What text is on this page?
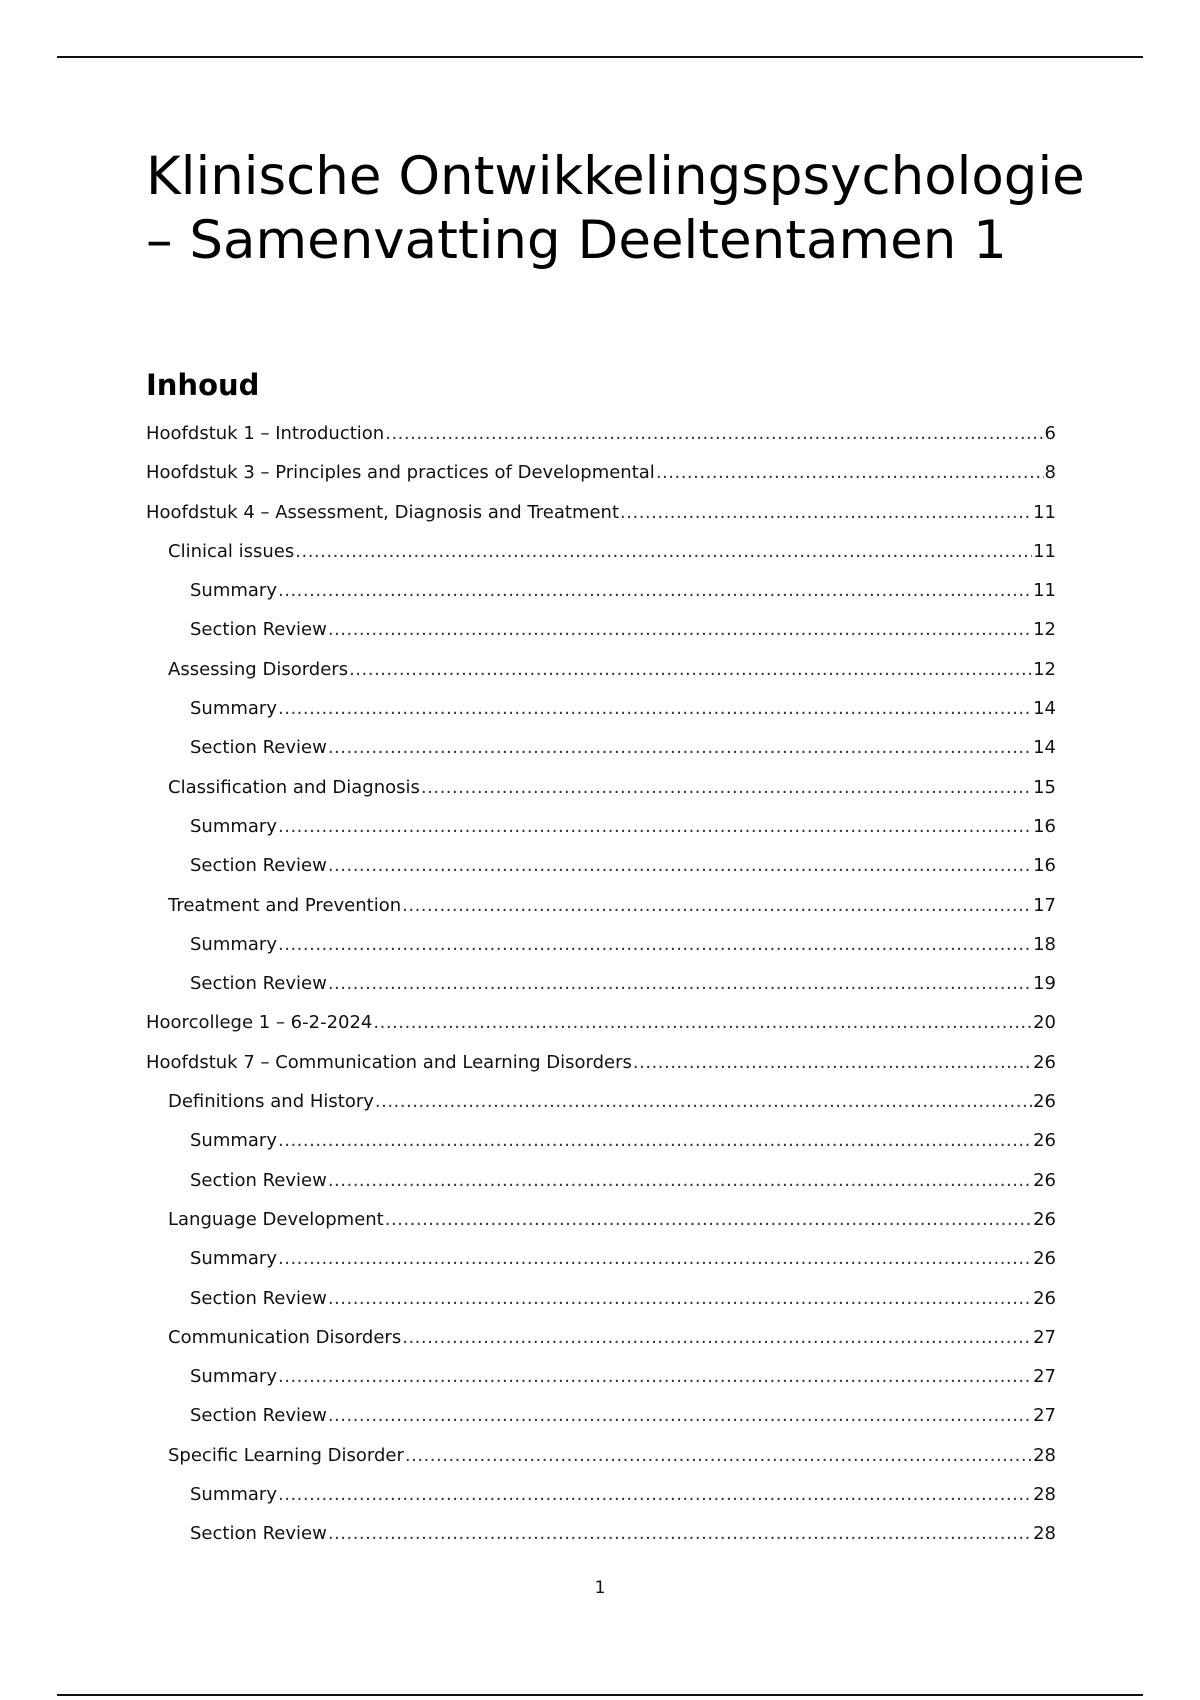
Klinische Ontwikkelingspsychologie – Samenvatting Deeltentamen 1
Inhoud
Hoofdstuk 1 – Introduction .....	6
Hoofdstuk 3 – Principles and practices of Developmental .....	8
Hoofdstuk 4 – Assessment, Diagnosis and Treatment .....	11
Clinical issues .....	11
Summary .....	11
Section Review .....	12
Assessing Disorders .....	12
Summary .....	14
Section Review .....	14
Classification and Diagnosis .....	15
Summary .....	16
Section Review .....	16
Treatment and Prevention .....	17
Summary .....	18
Section Review .....	19
Hoorcollege 1 – 6-2-2024 .....	20
Hoofdstuk 7 – Communication and Learning Disorders .....	26
Definitions and History .....	26
Summary .....	26
Section Review .....	26
Language Development .....	26
Summary .....	26
Section Review .....	26
Communication Disorders .....	27
Summary .....	27
Section Review .....	27
Specific Learning Disorder .....	28
Summary .....	28
Section Review .....	28
1
